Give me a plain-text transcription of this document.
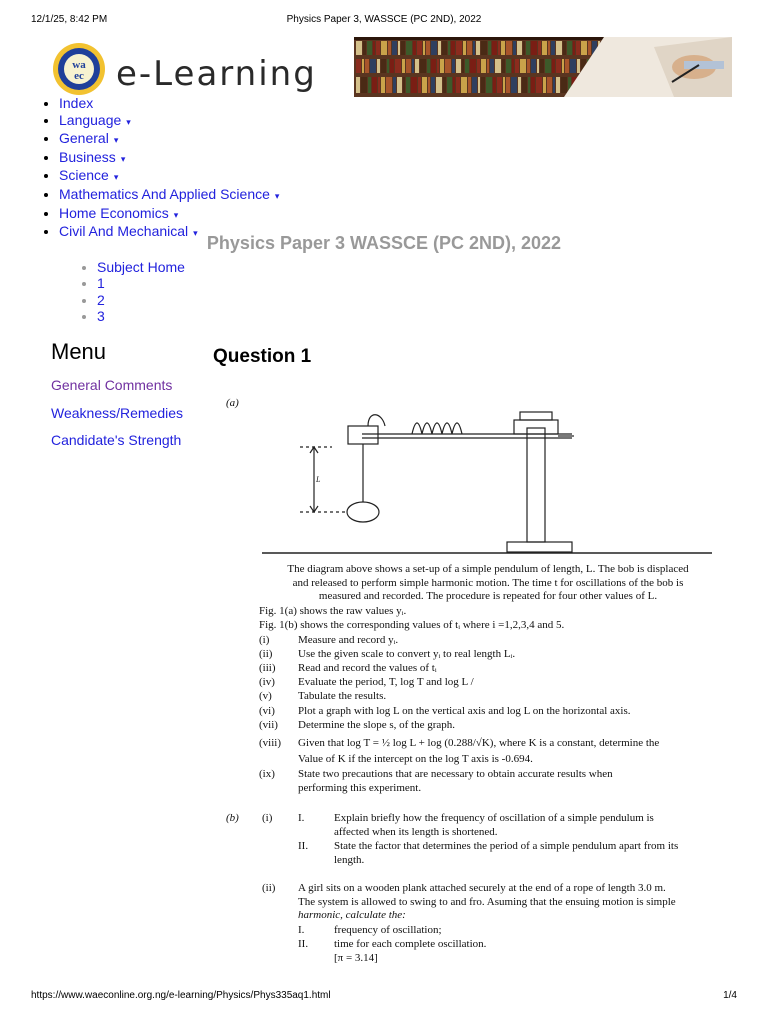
12/1/25, 8:42 PM	Physics Paper 3, WASSCE (PC 2ND), 2022
wa
ec e-Learning
• Index
• Language ▾
• General ▾
• Business ▾
• Science ▾
• Mathematics And Applied Science ▾
• Home Economics ▾
• Civil And Mechanical ▾ Physics Paper 3 WASSCE (PC 2ND), 2022
• Subject Home
• 1
• 2
• 3
Menu
General Comments
Weakness/Remedies
Candidate's Strength
Question 1
(a)
L
The diagram above shows a set-up of a simple pendulum of length, L. The bob is displaced
and released to perform simple harmonic motion. The time t for oscillations of the bob is
measured and recorded. The procedure is repeated for four other values of L.
Fig. 1(a) shows the raw values yᵢ.
Fig. 1(b) shows the corresponding values of tᵢ where i =1,2,3,4 and 5.
(i)	Measure and record yᵢ.
(ii) Use the given scale to convert yᵢ to real length Lᵢ.
(iii) Read and record the values of tᵢ
(iv) Evaluate the period, T, log T and log L /
(v) Tabulate the results.
(vi) Plot a graph with log L on the vertical axis and log L on the horizontal axis.
(vii) Determine the slope s, of the graph.
(viii) Given that log T = ½ log L + log (0.288/√K), where K is a constant, determine the
Value of K if the intercept on the log T axis is -0.694.
(ix) State two precautions that are necessary to obtain accurate results when
performing this experiment.
(b) (i) I.	Explain briefly how the frequency of oscillation of a simple pendulum is
affected when its length is shortened.
II. State the factor that determines the period of a simple pendulum apart from its
length.
(ii) A girl sits on a wooden plank attached securely at the end of a rope of length 3.0 m.
The system is allowed to swing to and fro. Asuming that the ensuing motion is simple
harmonic, calculate the:
I.	frequency of oscillation;
II. time for each complete oscillation.
[π = 3.14]
https://www.waeconline.org.ng/e-learning/Physics/Phys335aq1.html	1/4
